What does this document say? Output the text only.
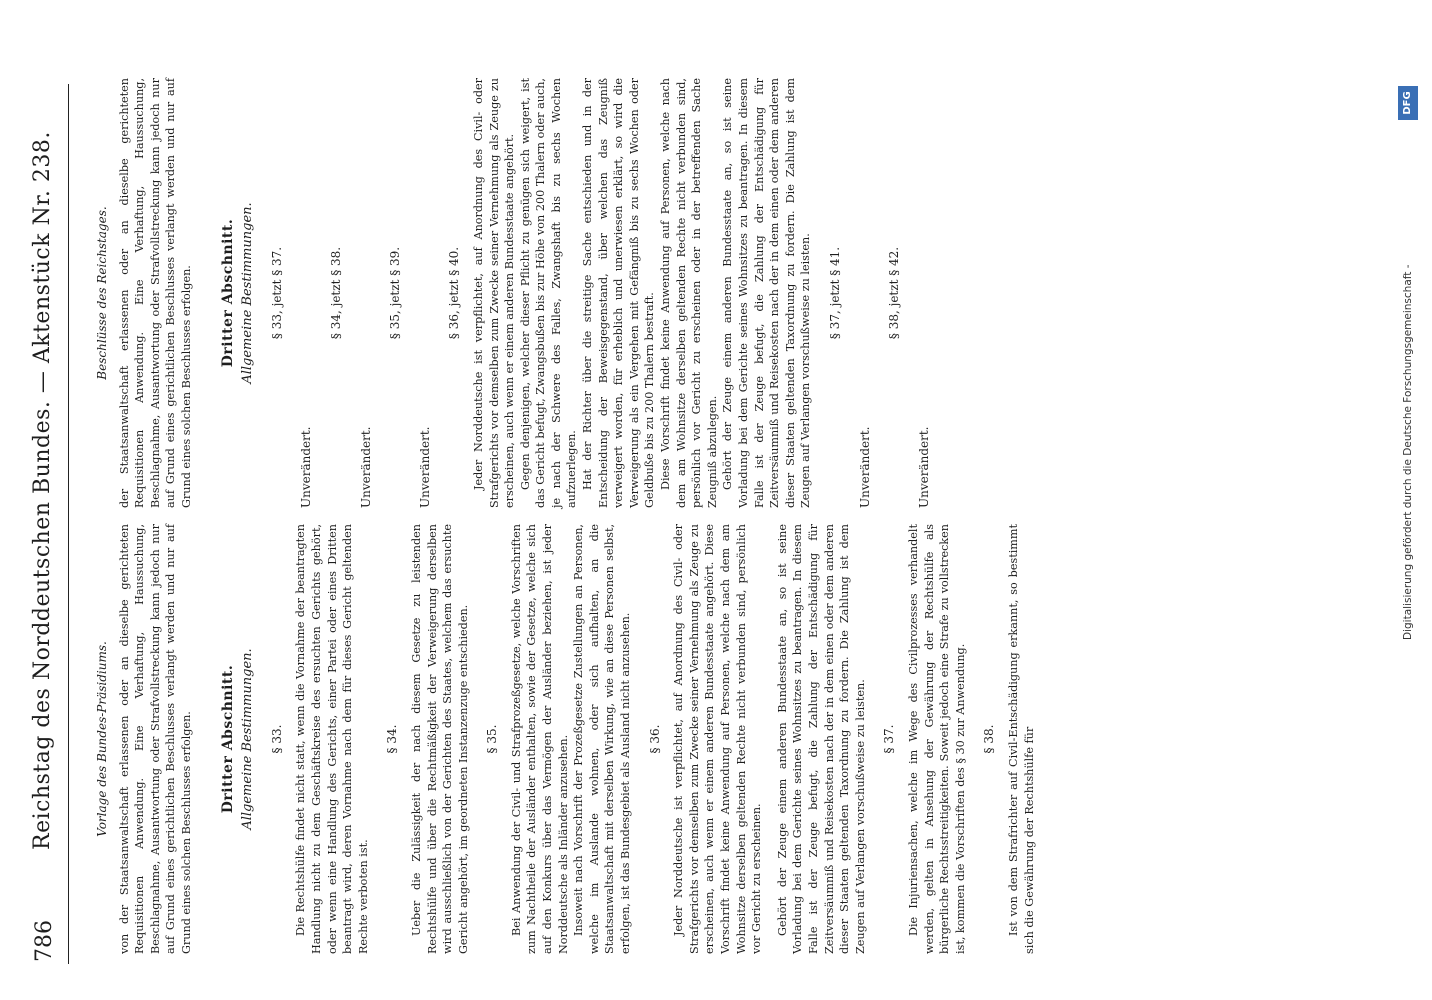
786
Reichstag des Norddeutschen Bundes. — Aktenstück Nr. 238.	Vorlage des Bundes-Präsidiums. von der Staatsanwaltschaft erlassenen oder an dieselbe gerichteten Requisitionen Anwendung. Eine Verhaftung, Haussuchung, Beschlagnahme, Ausantwortung oder Strafvollstreckung kann jedoch nur auf Grund eines gerichtlichen Beschlusses verlangt werden und nur auf Grund eines solchen Beschlusses erfolgen. Dritter Abschnitt. Allgemeine Bestimmungen. § 33. Die Rechtshülfe findet nicht statt, wenn die Vornahme der beantragten Handlung nicht zu dem Geschäftskreise des ersuchten Gerichts gehört, oder wenn eine Handlung des Gerichts, einer Partei oder eines Dritten beantragt wird, deren Vornahme nach dem für dieses Gericht geltenden Rechte verboten ist.

§ 34. Ueber die Zulässigkeit der nach diesem Gesetze zu leistenden Rechtshülfe und über die Rechtmäßigkeit der Verweigerung derselben wird ausschließlich von der Gerichten des Staates, welchem das ersuchte Gericht angehört, im geordneten Instanzenzuge entschieden. § 35. Bei Anwendung der Civil- und Strafprozeßgesetze, welche Vorschriften zum Nachtheile der Ausländer enthalten, sowie der Gesetze, welche sich auf den Konkurs über das Vermögen der Ausländer beziehen, ist jeder Norddeutsche als Inländer anzusehen. Insoweit nach Vorschrift der Prozeßgesetze Zustellungen an Personen, welche im Auslande wohnen, oder sich aufhalten, an die Staatsanwaltschaft mit derselben Wirkung, wie an diese Personen selbst, erfolgen, ist das Bundesgebiet als Ausland nicht anzusehen. § 36. Jeder Norddeutsche ist verpflichtet, auf Anordnung des Civil- oder Strafgerichts vor demselben zum Zwecke seiner Vernehmung als Zeuge zu erscheinen, auch wenn er einem anderen Bundesstaate angehört. Diese Vorschrift findet keine Anwendung auf Personen, welche nach dem am Wohnsitze derselben geltenden Rechte nicht verbunden sind, persönlich vor Gericht zu erscheinen. Gehört der Zeuge einem anderen Bundesstaate an, so ist seine Vorladung bei dem Gerichte seines Wohnsitzes zu beantragen. In diesem Falle ist der Zeuge befugt, die Zahlung der Entschädigung für Zeitversäumniß und Reisekosten nach der in dem einen oder dem anderen dieser Staaten geltenden Taxordnung zu fordern. Die Zahlung ist dem Zeugen auf Verlangen vorschußweise zu leisten. § 37. Die Injuriensachen, welche im Wege des Civilprozesses verhandelt werden, gelten in Ansehung der Gewährung der Rechtshülfe als bürgerliche Rechtsstreitigkeiten. Soweit jedoch eine Strafe zu vollstrecken ist, kommen die Vorschriften des § 30 zur Anwendung. § 38. Ist von dem Strafrichter auf Civil-Entschädigung erkannt, so bestimmt sich die Gewährung der Rechtshülfe für

Beschlüsse des Reichstages. der Staatsanwaltschaft erlassenen oder an dieselbe gerichteten Requisitionen Anwendung. Eine Verhaftung, Haussuchung, Beschlagnahme, Ausantwortung oder Strafvollstreckung kann jedoch nur auf Grund eines gerichtlichen Beschlusses verlangt werden und nur auf Grund eines solchen Beschlusses erfolgen. Dritter Abschnitt. Allgemeine Bestimmungen. § 33, jetzt § 37.
Unverändert.
§ 34, jetzt § 38.
Unverändert.
§ 35, jetzt § 39.
Unverändert.
§ 36, jetzt § 40. Jeder Norddeutsche ist verpflichtet, auf Anordnung des Civil- oder Strafgerichts vor demselben zum Zwecke seiner Vernehmung als Zeuge zu erscheinen, auch wenn er einem anderen Bundesstaate angehört. Gegen denjenigen, welcher dieser Pflicht zu genügen sich weigert, ist das Gericht befugt, Zwangsbußen bis zur Höhe von 200 Thalern oder auch, je nach der Schwere des Falles, Zwangshaft bis zu sechs Wochen aufzuerlegen. Hat der Richter über die streitige Sache entschieden und in der Entscheidung der Beweisgegenstand, über welchen das Zeugniß verweigert worden, für erheblich und unerwiesen erklärt, so wird die Verweigerung als ein Vergehen mit Gefängniß bis zu sechs Wochen oder Geldbuße bis zu 200 Thalern bestraft. Diese Vorschrift findet keine Anwendung auf Personen, welche nach dem am Wohnsitze derselben geltenden Rechte nicht verbunden sind, persönlich vor Gericht zu erscheinen oder in der betreffenden Sache Zeugniß abzulegen. Gehört der Zeuge einem anderen Bundesstaate an, so ist seine Vorladung bei dem Gerichte seines Wohnsitzes zu beantragen. In diesem Falle ist der Zeuge befugt, die Zahlung der Entschädigung für Zeitversäumniß und Reisekosten nach der in dem einen oder dem anderen dieser Staaten geltenden Taxordnung zu fordern. Die Zahlung ist dem Zeugen auf Verlangen vorschußweise zu leisten. § 37, jetzt § 41.
Unverändert.
§ 38, jetzt § 42.
Unverändert.	Digitalisierung gefördert durch die Deutsche Forschungsgemeinschaft -
DFG
